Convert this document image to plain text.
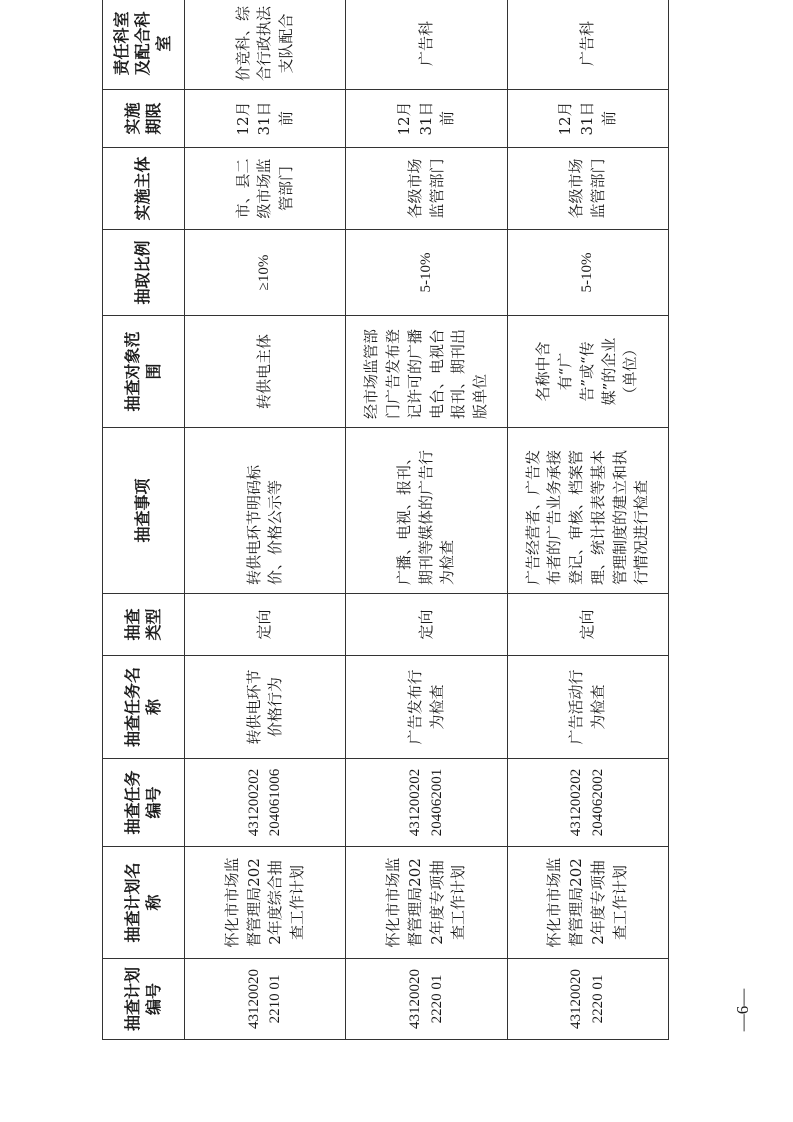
抽查计划编号	抽查计划名称	抽查任务编号	抽查任务名称	抽查类型	抽查事项	抽查对象范围	抽取比例	实施主体	实施期限	责任科室及配合科室
431200202210 01	怀化市市场监督管理局2022年度综合抽查工作计划	431200202204061006	转供电环节价格行为	定向	转供电环节明码标价、价格公示等	转供电主体	≥10%	市、县二级市场监管部门	12月31日前	价竞科、综合行政执法支队配合
431200202220 01	怀化市市场监督管理局2022年度专项抽查工作计划	431200202204062001	广告发布行为检查	定向	广播、电视、报刊、期刊等媒体的广告行为检查	经市场监管部门广告发布登记许可的广播电台、电视台报刊、期刊出版单位	5-10%	各级市场监管部门	12月31日前	广告科
431200202220 01	怀化市市场监督管理局2022年度专项抽查工作计划	431200202204062002	广告活动行为检查	定向	广告经营者、广告发布者的广告业务承接登记、审核、档案管理、统计报表等基本管理制度的建立和执行情况进行检查	名称中含有“广告”或“传媒”的企业（单位）	5-10%	各级市场监管部门	12月31日前	广告科
—6—
